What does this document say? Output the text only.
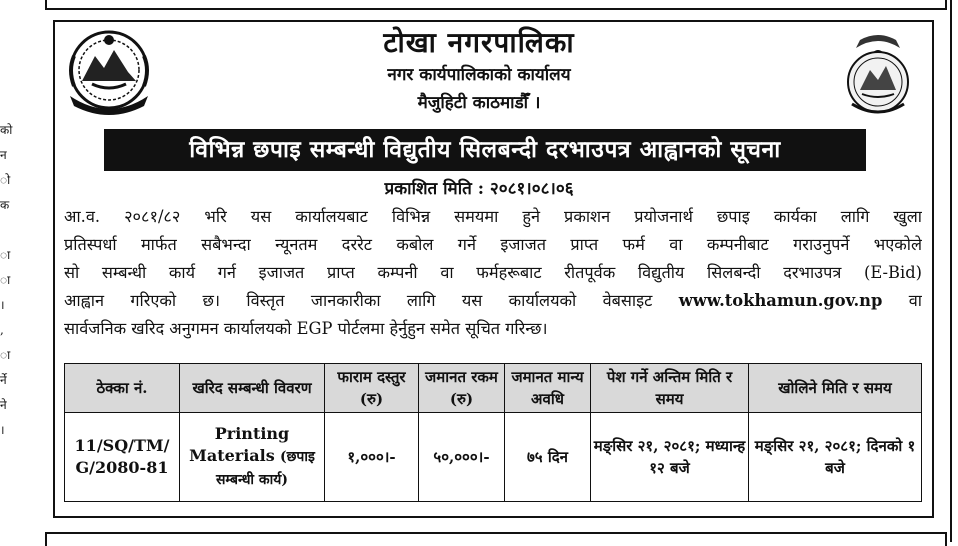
को
न
ो
क
ा
ा
।
,
ा
र्ने
ने
।
टोखा नगरपालिका
नगर कार्यपालिकाको कार्यालय
मैजुहिटी काठमाडौँ ।
विभिन्न छपाइ सम्बन्धी विद्युतीय सिलबन्दी दरभाउपत्र आह्वानको सूचना
प्रकाशित मिति : २०८१।०८।०६
आ.व. २०८१/८२ भरि यस कार्यालयबाट विभिन्न समयमा हुने प्रकाशन प्रयोजनार्थ छपाइ कार्यका लागि खुला
प्रतिस्पर्धा मार्फत सबैभन्दा न्यूनतम दररेट कबोल गर्ने इजाजत प्राप्त फर्म वा कम्पनीबाट गराउनुपर्ने भएकोले
सो सम्बन्धी कार्य गर्न इजाजत प्राप्त कम्पनी वा फर्महरूबाट रीतपूर्वक विद्युतीय सिलबन्दी दरभाउपत्र (E-Bid)
आह्वान गरिएको छ। विस्तृत जानकारीका लागि यस कार्यालयको वेबसाइट www.tokhamun.gov.np वा
सार्वजनिक खरिद अनुगमन कार्यालयको EGP पोर्टलमा हेर्नुहुन समेत सूचित गरिन्छ।
ठेक्का नं.	खरिद सम्बन्धी विवरण	फाराम दस्तुर (रु)	जमानत रकम (रु)	जमानत मान्य अवधि	पेश गर्ने अन्तिम मिति र समय	खोलिने मिति र समय
11/SQ/TM/G/2080-81	Printing Materials (छपाइ सम्बन्धी कार्य)	१,०००।-	५०,०००।-	७५ दिन	मङ्सिर २१, २०८१; मध्यान्ह १२ बजे	मङ्सिर २१, २०८१; दिनको १ बजे
